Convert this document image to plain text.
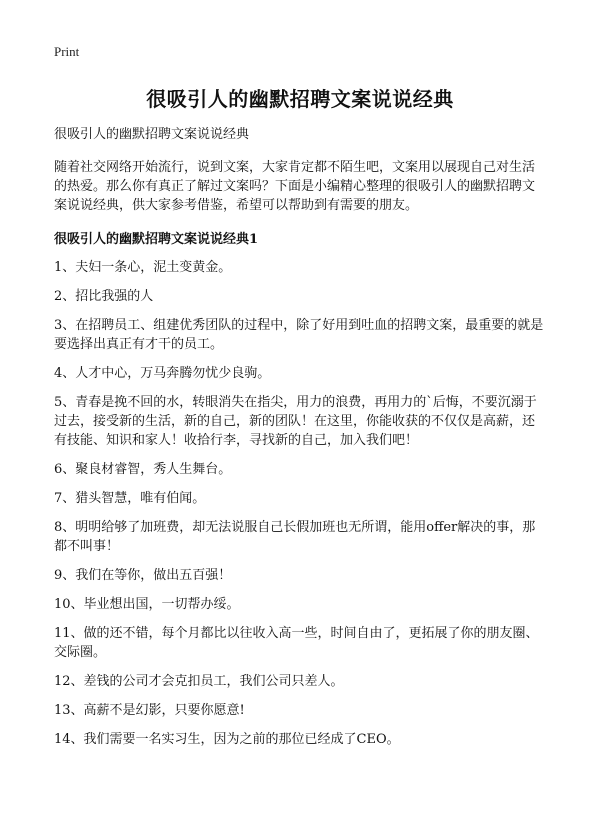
Print

很吸引人的幽默招聘文案说说经典

很吸引人的幽默招聘文案说说经典

随着社交网络开始流行，说到文案，大家肯定都不陌生吧，文案用以展现自己对生活的热爱。那么你有真正了解过文案吗？下面是小编精心整理的很吸引人的幽默招聘文案说说经典，供大家参考借鉴，希望可以帮助到有需要的朋友。

很吸引人的幽默招聘文案说说经典1
1、夫妇一条心，泥土变黄金。
2、招比我强的人
3、在招聘员工、组建优秀团队的过程中，除了好用到吐血的招聘文案，最重要的就是要选择出真正有才干的员工。
4、人才中心，万马奔腾勿忧少良驹。
5、青春是挽不回的水，转眼消失在指尖，用力的浪费，再用力的`后悔，不要沉溺于过去，接受新的生活，新的自己，新的团队！在这里，你能收获的不仅仅是高薪，还有技能、知识和家人！收拾行李，寻找新的自己，加入我们吧！
6、聚良材睿智，秀人生舞台。
7、猎头智慧，唯有伯闻。
8、明明给够了加班费，却无法说服自己长假加班也无所谓，能用offer解决的事，那都不叫事！
9、我们在等你，做出五百强！
10、毕业想出国，一切帮办绥。
11、做的还不错，每个月都比以往收入高一些，时间自由了，更拓展了你的朋友圈、交际圈。
12、差钱的公司才会克扣员工，我们公司只差人。
13、高薪不是幻影，只要你愿意!
14、我们需要一名实习生，因为之前的那位已经成了CEO。
